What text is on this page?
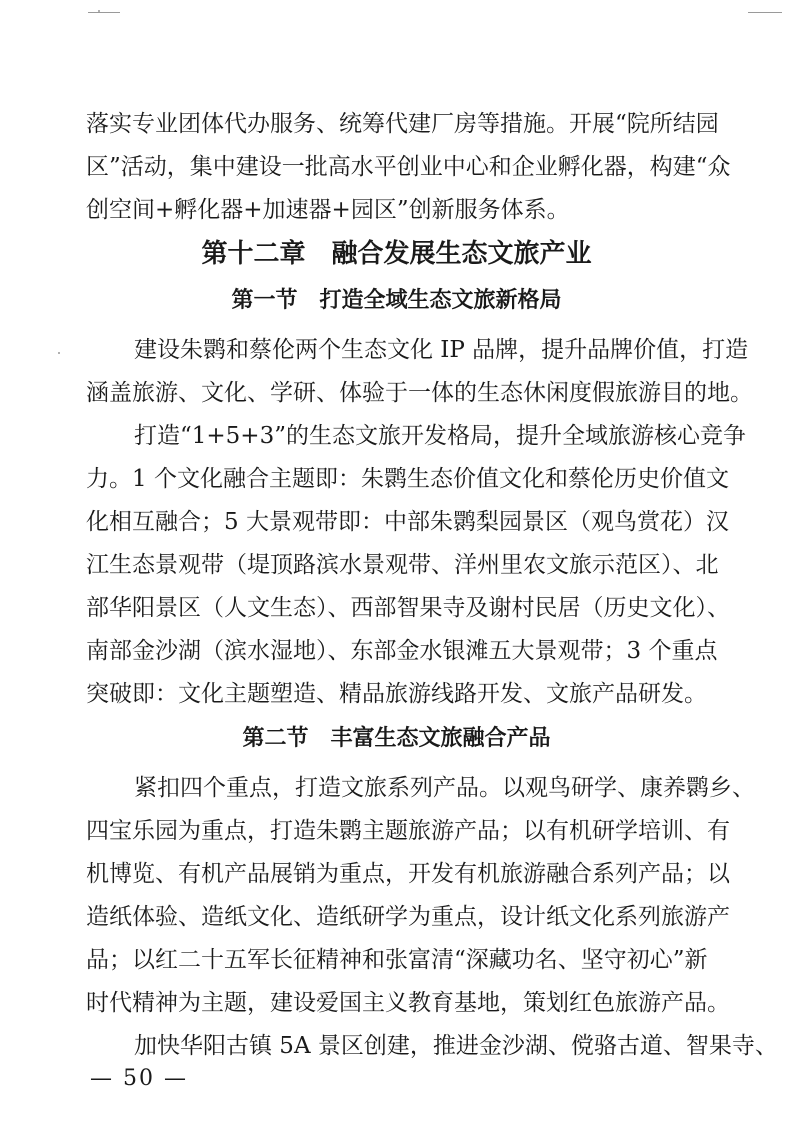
落实专业团体代办服务、统筹代建厂房等措施。开展“院所结园
区”活动，集中建设一批高水平创业中心和企业孵化器，构建“众
创空间+孵化器+加速器+园区”创新服务体系。
第十二章　融合发展生态文旅产业
第一节　打造全域生态文旅新格局
建设朱鹮和蔡伦两个生态文化 IP 品牌，提升品牌价值，打造
涵盖旅游、文化、学研、体验于一体的生态休闲度假旅游目的地。
打造“1+5+3”的生态文旅开发格局，提升全域旅游核心竞争
力。1 个文化融合主题即：朱鹮生态价值文化和蔡伦历史价值文
化相互融合；5 大景观带即：中部朱鹮梨园景区（观鸟赏花）汉
江生态景观带（堤顶路滨水景观带、洋州里农文旅示范区）、北
部华阳景区（人文生态）、西部智果寺及谢村民居（历史文化）、
南部金沙湖（滨水湿地）、东部金水银滩五大景观带；3 个重点
突破即：文化主题塑造、精品旅游线路开发、文旅产品研发。
第二节　丰富生态文旅融合产品
紧扣四个重点，打造文旅系列产品。以观鸟研学、康养鹮乡、
四宝乐园为重点，打造朱鹮主题旅游产品；以有机研学培训、有
机博览、有机产品展销为重点，开发有机旅游融合系列产品；以
造纸体验、造纸文化、造纸研学为重点，设计纸文化系列旅游产
品；以红二十五军长征精神和张富清“深藏功名、坚守初心”新
时代精神为主题，建设爱国主义教育基地，策划红色旅游产品。
加快华阳古镇 5A 景区创建，推进金沙湖、傥骆古道、智果寺、
— 50 —
